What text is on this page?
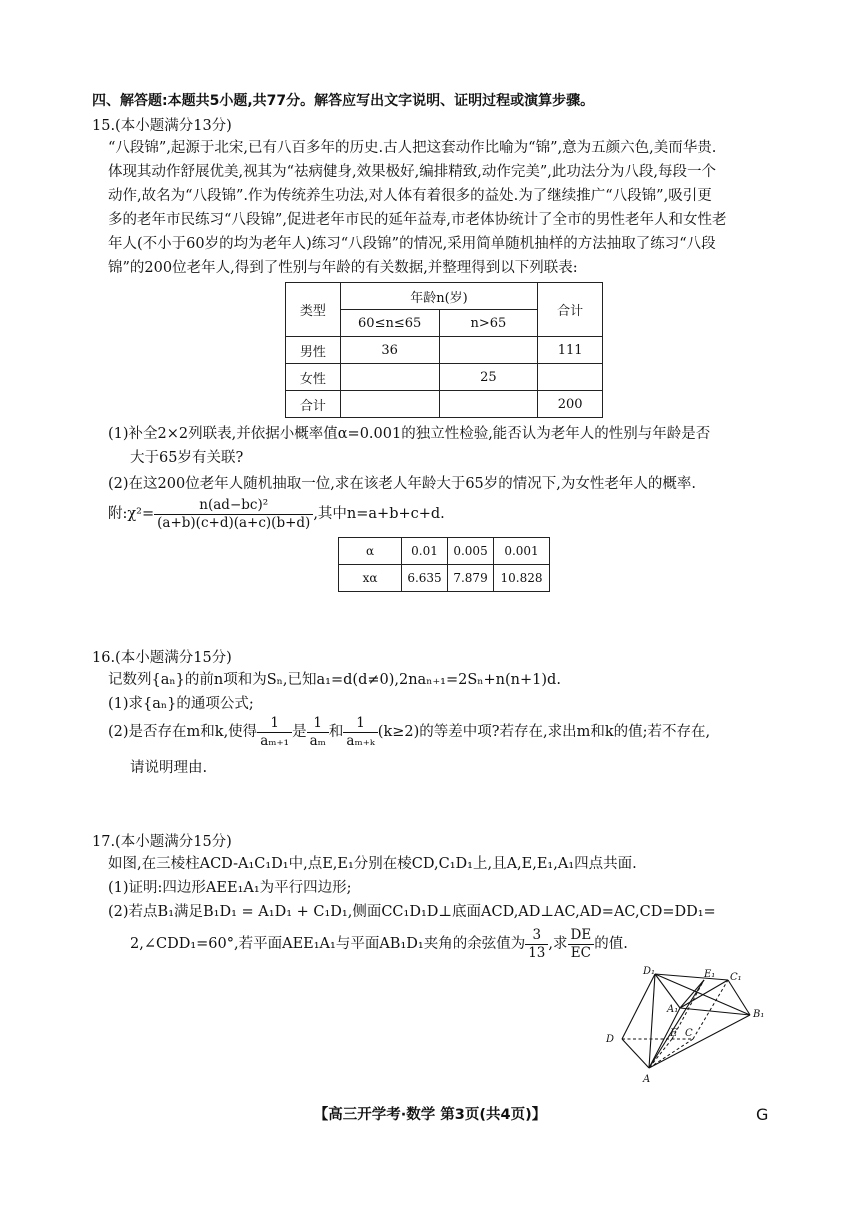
四、解答题:本题共5小题,共77分。解答应写出文字说明、证明过程或演算步骤。
15.(本小题满分13分)
“八段锦”,起源于北宋,已有八百多年的历史.古人把这套动作比喻为“锦”,意为五颜六色,美而华贵.
体现其动作舒展优美,视其为“祛病健身,效果极好,编排精致,动作完美”,此功法分为八段,每段一个
动作,故名为“八段锦”.作为传统养生功法,对人体有着很多的益处.为了继续推广“八段锦”,吸引更
多的老年市民练习“八段锦”,促进老年市民的延年益寿,市老体协统计了全市的男性老年人和女性老
年人(不小于60岁的均为老年人)练习“八段锦”的情况,采用简单随机抽样的方法抽取了练习“八段
锦”的200位老年人,得到了性别与年龄的有关数据,并整理得到以下列联表:
类型	年龄n(岁)		合计
	60≤n≤65	n>65	
男性	36		111
女性		25	
合计			200
(1)补全2×2列联表,并依据小概率值α=0.001的独立性检验,能否认为老年人的性别与年龄是否
大于65岁有关联?
(2)在这200位老年人随机抽取一位,求在该老人年龄大于65岁的情况下,为女性老年人的概率.
附:χ²= $\frac{\text{n(ad−bc)²}}{(a+b)(c+d)(a+c)(b+d)}$ ,其中n=a+b+c+d.
α	0.01	0.005	0.001
xα	6.635	7.879	10.828
16.(本小题满分15分)
记数列{aₙ}的前n项和为Sₙ,已知a₁=d(d≠0),2naₙ₊₁=2Sₙ+n(n+1)d.
(1)求{aₙ}的通项公式;
(2)是否存在m和k,使得 $\frac{1}{\text{aₘ₊₁}}$ 是 $\frac{1}{\text{aₘ}}$ 和 $\frac{1}{\text{aₘ₊ₖ}} (k\ge 2)$的等差中项?若存在,求出m和k的值;若不存在,
请说明理由.
17.(本小题满分15分)
如图,在三棱柱ACD-A₁C₁D₁中,点E,E₁分别在棱CD,C₁D₁上,且A,E,E₁,A₁四点共面.
(1)证明:四边形AEE₁A₁为平行四边形;
(2)若点B₁满足B₁D₁ = A₁D₁ + C₁D₁,侧面CC₁D₁D⊥底面ACD,AD⊥AC,AD=AC,CD=DD₁=
2,∠CDD₁=60°,若平面AEE₁A₁与平面AB₁D₁夹角的余弦值为 $\frac{3}{13}$ ,求 $\frac{DE}{EC}$ 的值.
D₁	E₁ C₁
A₁	B₁
D
E C
A
【高三开学考·数学 第3页(共4页)】	G
